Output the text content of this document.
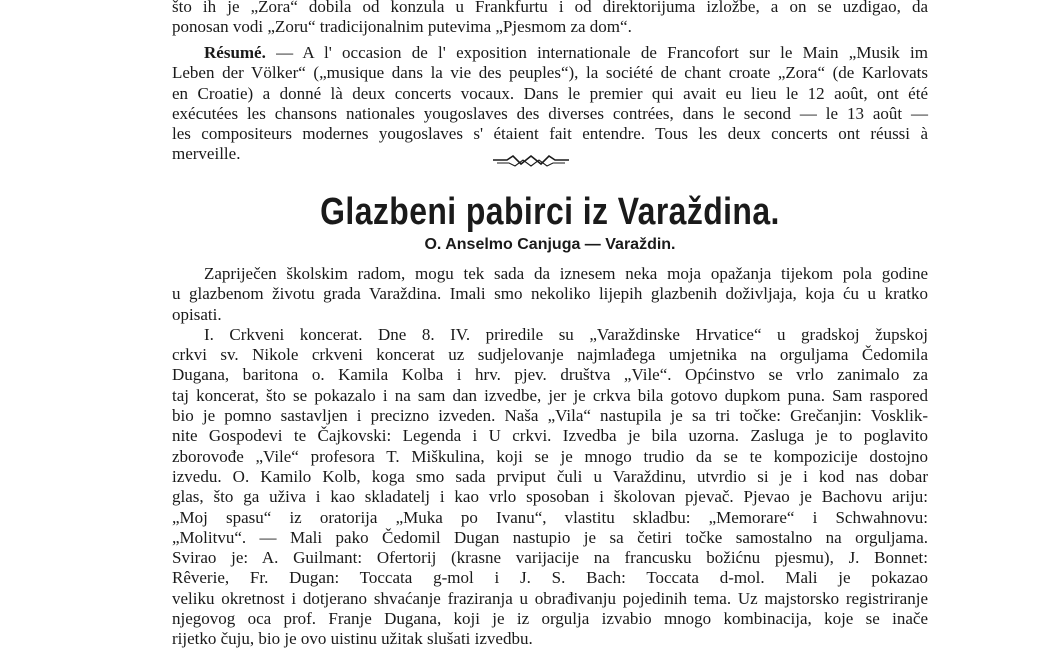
što ih je „Zora“ dobila od konzula u Frankfurtu i od direktorijuma izložbe, a on se uzdigao, da
ponosan vodi „Zoru“ tradicijonalnim putevima „Pjesmom za dom“.
Résumé. — A l' occasion de l' exposition internationale de Francofort sur le Main „Musik im
Leben der Völker“ („musique dans la vie des peuples“), la société de chant croate „Zora“ (de Karlovats
en Croatie) a donné là deux concerts vocaux. Dans le premier qui avait eu lieu le 12 août, ont été
exécutées les chansons nationales yougoslaves des diverses contrées, dans le second — le 13 août —
les compositeurs modernes yougoslaves s' étaient fait entendre. Tous les deux concerts ont réussi à
merveille.
Glazbeni pabirci iz Varaždina.
O. Anselmo Canjuga — Varaždin.
Zapriječen školskim radom, mogu tek sada da iznesem neka moja opažanja tijekom pola godine
u glazbenom životu grada Varaždina. Imali smo nekoliko lijepih glazbenih doživljaja, koja ću u kratko
opisati.
I. Crkveni koncerat. Dne 8. IV. priredile su „Varaždinske Hrvatice“ u gradskoj župskoj
crkvi sv. Nikole crkveni koncerat uz sudjelovanje najmlađega umjetnika na orguljama Čedomila
Dugana, baritona o. Kamila Kolba i hrv. pjev. društva „Vile“. Općinstvo se vrlo zanimalo za
taj koncerat, što se pokazalo i na sam dan izvedbe, jer je crkva bila gotovo dupkom puna. Sam raspored
bio je pomno sastavljen i precizno izveden. Naša „Vila“ nastupila je sa tri točke: Grečanjin: Vosklik-
nite Gospodevi te Čajkovski: Legenda i U crkvi. Izvedba je bila uzorna. Zasluga je to poglavito
zborovođe „Vile“ profesora T. Miškulina, koji se je mnogo trudio da se te kompozicije dostojno
izvedu. O. Kamilo Kolb, koga smo sada prviput čuli u Varaždinu, utvrdio si je i kod nas dobar
glas, što ga uživa i kao skladatelj i kao vrlo sposoban i školovan pjevač. Pjevao je Bachovu ariju:
„Moj spasu“ iz oratorija „Muka po Ivanu“, vlastitu skladbu: „Memorare“ i Schwahnovu:
„Molitvu“. — Mali pako Čedomil Dugan nastupio je sa četiri točke samostalno na orguljama.
Svirao je: A. Guilmant: Ofertorij (krasne varijacije na francusku božićnu pjesmu), J. Bonnet:
Rêverie, Fr. Dugan: Toccata g-mol i J. S. Bach: Toccata d-mol. Mali je pokazao
veliku okretnost i dotjerano shvaćanje fraziranja u obrađivanju pojedinih tema. Uz majstorsko registriranje
njegovog oca prof. Franje Dugana, koji je iz orgulja izvabio mnogo kombinacija, koje se inače
rijetko čuju, bio je ovo uistinu užitak slušati izvedbu.
